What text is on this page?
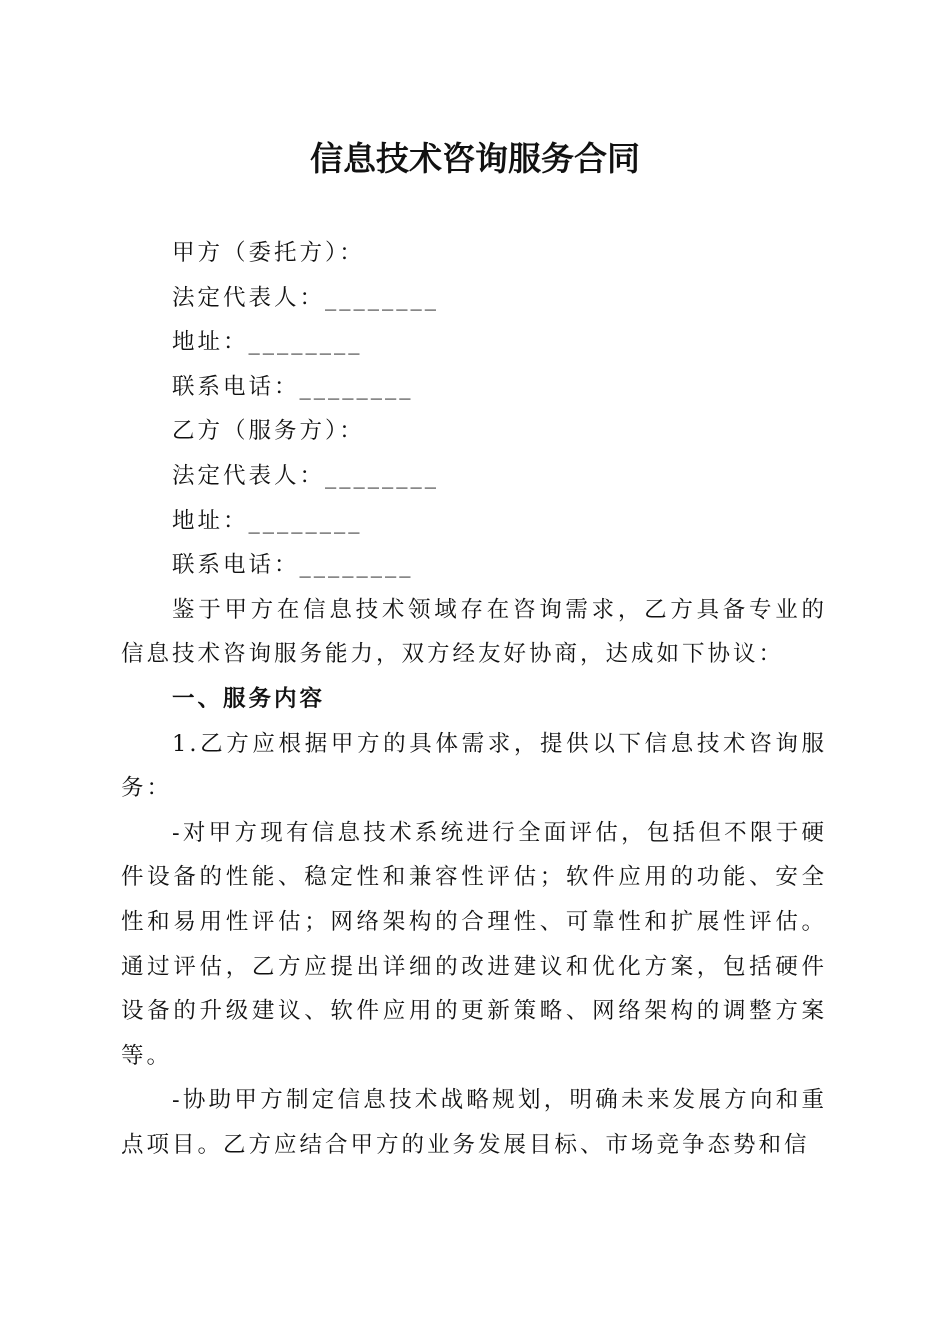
信息技术咨询服务合同

甲方（委托方）：

法定代表人：________

地址：________

联系电话：________

乙方（服务方）：

法定代表人：________

地址：________

联系电话：________

鉴于甲方在信息技术领域存在咨询需求，乙方具备专业的信息技术咨询服务能力，双方经友好协商，达成如下协议：

一、服务内容

1.乙方应根据甲方的具体需求，提供以下信息技术咨询服务：

-对甲方现有信息技术系统进行全面评估，包括但不限于硬件设备的性能、稳定性和兼容性评估；软件应用的功能、安全性和易用性评估；网络架构的合理性、可靠性和扩展性评估。通过评估，乙方应提出详细的改进建议和优化方案，包括硬件设备的升级建议、软件应用的更新策略、网络架构的调整方案等。

-协助甲方制定信息技术战略规划，明确未来发展方向和重点项目。乙方应结合甲方的业务发展目标、市场竞争态势和信
